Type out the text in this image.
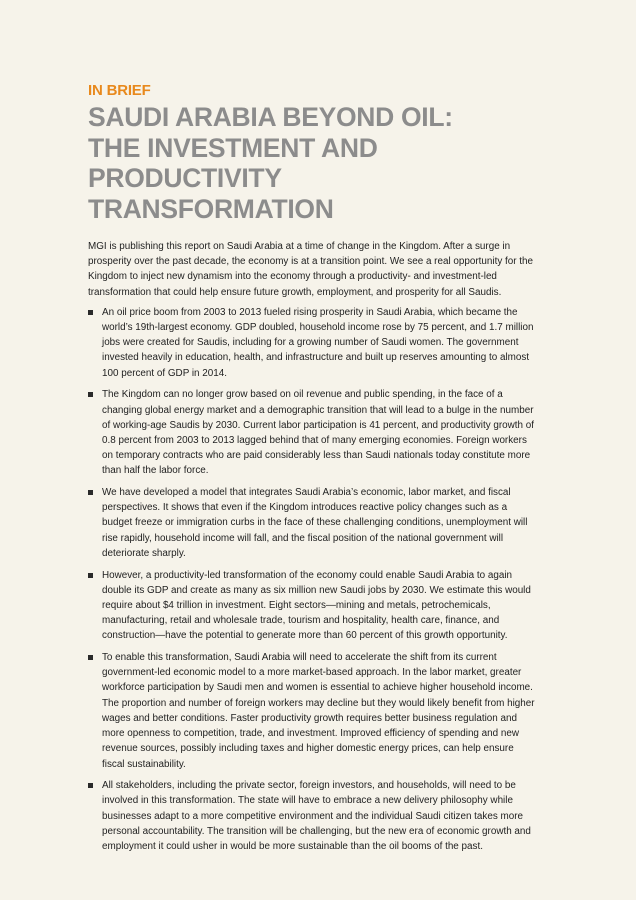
IN BRIEF
SAUDI ARABIA BEYOND OIL:
THE INVESTMENT AND PRODUCTIVITY
TRANSFORMATION

MGI is publishing this report on Saudi Arabia at a time of change in the Kingdom. After a surge in prosperity over the past decade, the economy is at a transition point. We see a real opportunity for the Kingdom to inject new dynamism into the economy through a productivity- and investment-led transformation that could help ensure future growth, employment, and prosperity for all Saudis.

An oil price boom from 2003 to 2013 fueled rising prosperity in Saudi Arabia, which became the world’s 19th-largest economy. GDP doubled, household income rose by 75 percent, and 1.7 million jobs were created for Saudis, including for a growing number of Saudi women. The government invested heavily in education, health, and infrastructure and built up reserves amounting to almost 100 percent of GDP in 2014.
The Kingdom can no longer grow based on oil revenue and public spending, in the face of a changing global energy market and a demographic transition that will lead to a bulge in the number of working-age Saudis by 2030. Current labor participation is 41 percent, and productivity growth of 0.8 percent from 2003 to 2013 lagged behind that of many emerging economies. Foreign workers on temporary contracts who are paid considerably less than Saudi nationals today constitute more than half the labor force.
We have developed a model that integrates Saudi Arabia’s economic, labor market, and fiscal perspectives. It shows that even if the Kingdom introduces reactive policy changes such as a budget freeze or immigration curbs in the face of these challenging conditions, unemployment will rise rapidly, household income will fall, and the fiscal position of the national government will deteriorate sharply.
However, a productivity-led transformation of the economy could enable Saudi Arabia to again double its GDP and create as many as six million new Saudi jobs by 2030. We estimate this would require about $4 trillion in investment. Eight sectors—mining and metals, petrochemicals, manufacturing, retail and wholesale trade, tourism and hospitality, health care, finance, and construction—have the potential to generate more than 60 percent of this growth opportunity.
To enable this transformation, Saudi Arabia will need to accelerate the shift from its current government-led economic model to a more market-based approach. In the labor market, greater workforce participation by Saudi men and women is essential to achieve higher household income. The proportion and number of foreign workers may decline but they would likely benefit from higher wages and better conditions. Faster productivity growth requires better business regulation and more openness to competition, trade, and investment. Improved efficiency of spending and new revenue sources, possibly including taxes and higher domestic energy prices, can help ensure fiscal sustainability.
All stakeholders, including the private sector, foreign investors, and households, will need to be involved in this transformation. The state will have to embrace a new delivery philosophy while businesses adapt to a more competitive environment and the individual Saudi citizen takes more personal accountability. The transition will be challenging, but the new era of economic growth and employment it could usher in would be more sustainable than the oil booms of the past.
